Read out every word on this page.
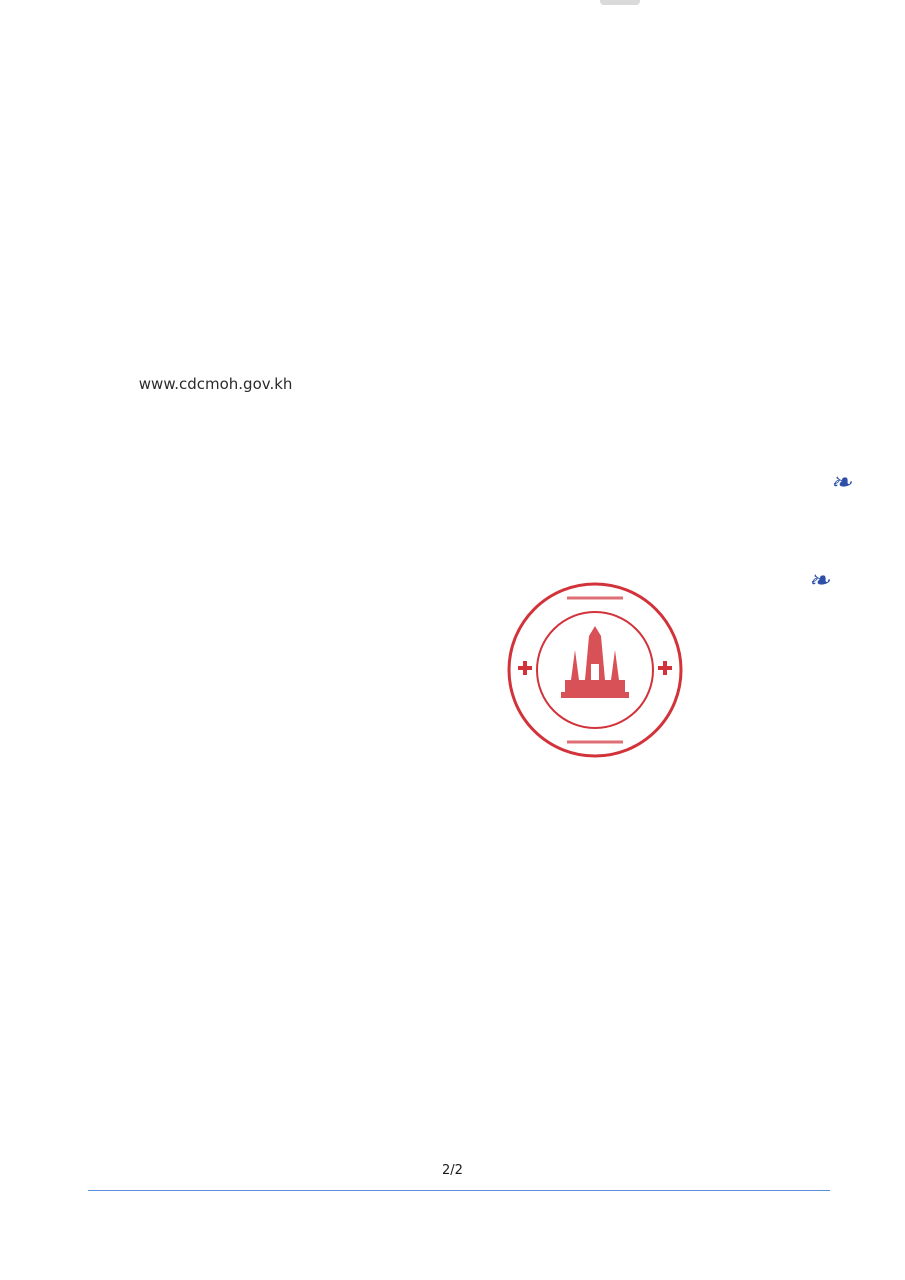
www.cdcmoh.gov.kh

❧
❧
2/2
